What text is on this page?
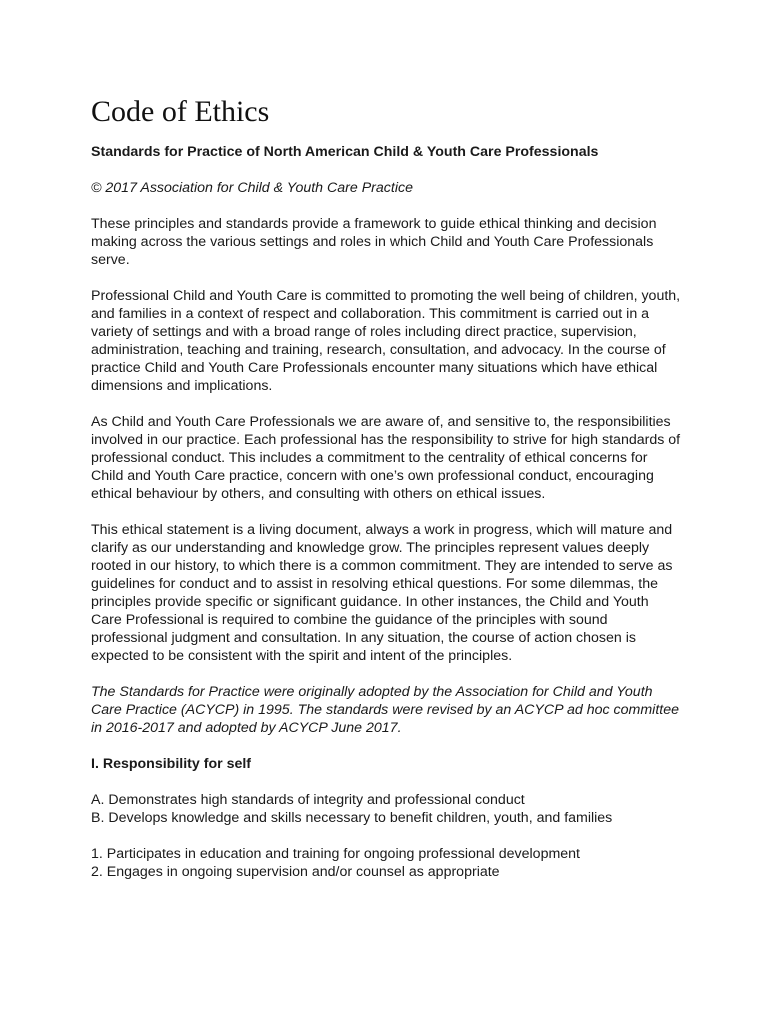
Code of Ethics
Standards for Practice of North American Child & Youth Care Professionals
© 2017 Association for Child & Youth Care Practice

These principles and standards provide a framework to guide ethical thinking and decision making across the various settings and roles in which Child and Youth Care Professionals serve.

Professional Child and Youth Care is committed to promoting the well being of children, youth, and families in a context of respect and collaboration. This commitment is carried out in a variety of settings and with a broad range of roles including direct practice, supervision, administration, teaching and training, research, consultation, and advocacy. In the course of practice Child and Youth Care Professionals encounter many situations which have ethical dimensions and implications.

As Child and Youth Care Professionals we are aware of, and sensitive to, the responsibilities involved in our practice. Each professional has the responsibility to strive for high standards of professional conduct. This includes a commitment to the centrality of ethical concerns for Child and Youth Care practice, concern with one’s own professional conduct, encouraging ethical behaviour by others, and consulting with others on ethical issues.

This ethical statement is a living document, always a work in progress, which will mature and clarify as our understanding and knowledge grow. The principles represent values deeply rooted in our history, to which there is a common commitment. They are intended to serve as guidelines for conduct and to assist in resolving ethical questions. For some dilemmas, the principles provide specific or significant guidance. In other instances, the Child and Youth Care Professional is required to combine the guidance of the principles with sound professional judgment and consultation. In any situation, the course of action chosen is expected to be consistent with the spirit and intent of the principles.

The Standards for Practice were originally adopted by the Association for Child and Youth Care Practice (ACYCP) in 1995. The standards were revised by an ACYCP ad hoc committee in 2016-2017 and adopted by ACYCP June 2017.

I. Responsibility for self
A. Demonstrates high standards of integrity and professional conduct
B. Develops knowledge and skills necessary to benefit children, youth, and families
1. Participates in education and training for ongoing professional development
2. Engages in ongoing supervision and/or counsel as appropriate
